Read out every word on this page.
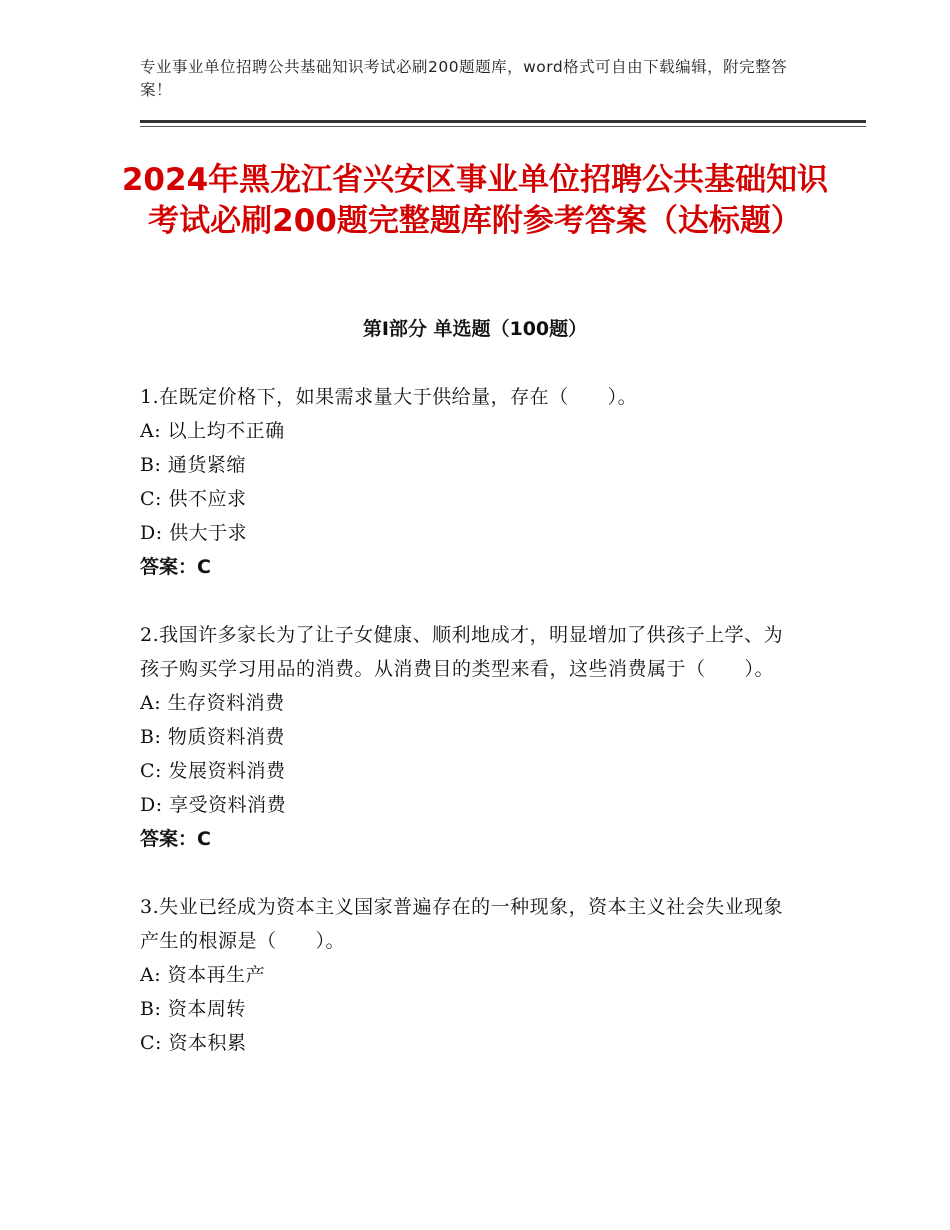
专业事业单位招聘公共基础知识考试必刷200题题库，word格式可自由下载编辑，附完整答案！
2024年黑龙江省兴安区事业单位招聘公共基础知识考试必刷200题完整题库附参考答案（达标题）
第Ⅰ部分 单选题（100题）
1.在既定价格下，如果需求量大于供给量，存在（　　）。
A: 以上均不正确
B: 通货紧缩
C: 供不应求
D: 供大于求
答案：C
2.我国许多家长为了让子女健康、顺利地成才，明显增加了供孩子上学、为孩子购买学习用品的消费。从消费目的类型来看，这些消费属于（　　）。
A: 生存资料消费
B: 物质资料消费
C: 发展资料消费
D: 享受资料消费
答案：C
3.失业已经成为资本主义国家普遍存在的一种现象，资本主义社会失业现象产生的根源是（　　）。
A: 资本再生产
B: 资本周转
C: 资本积累
